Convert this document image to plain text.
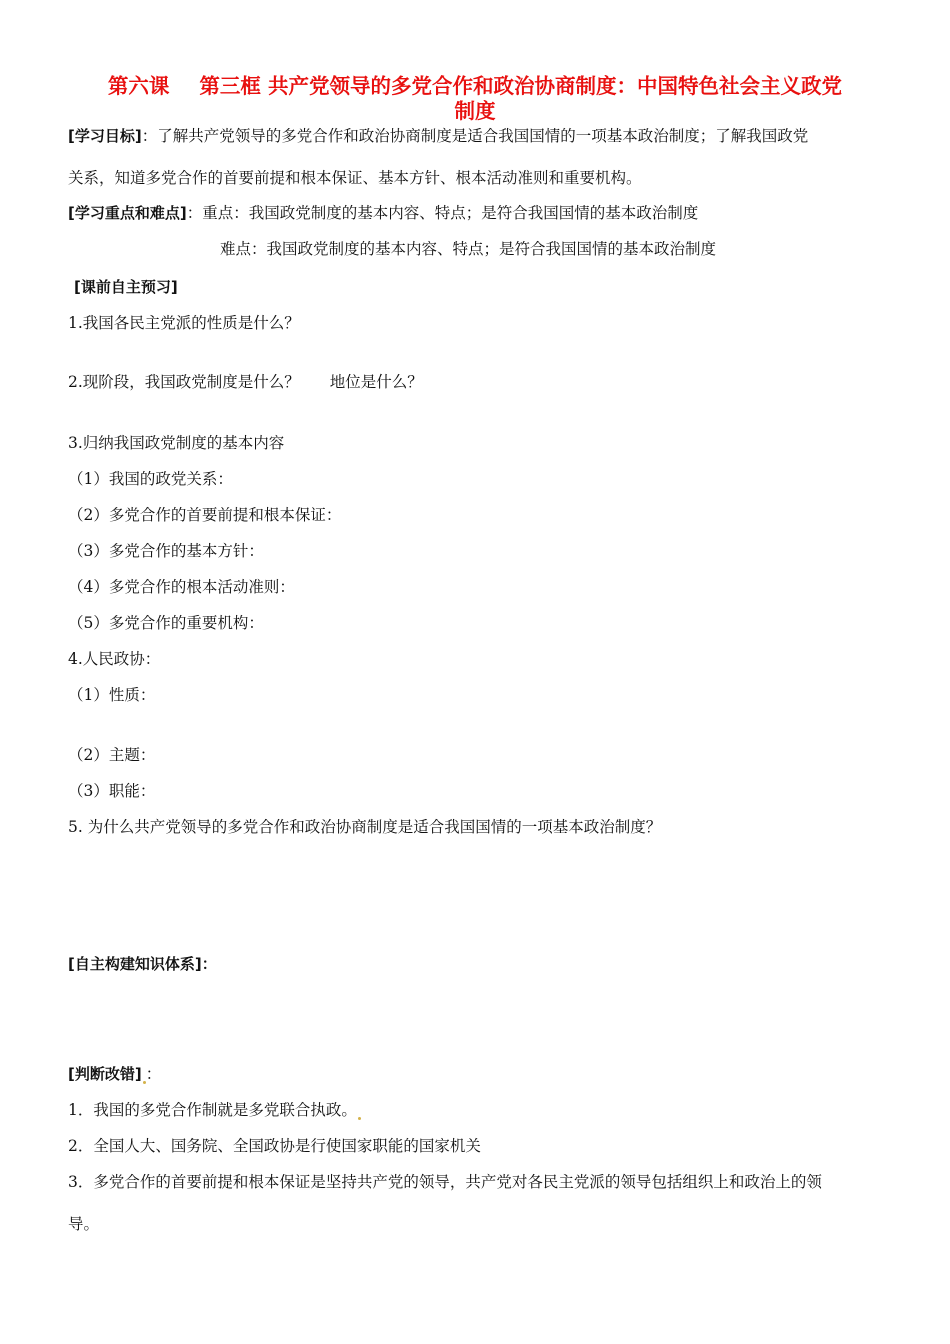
第六课 第三框 共产党领导的多党合作和政治协商制度：中国特色社会主义政党
制度
[学习目标]：了解共产党领导的多党合作和政治协商制度是适合我国国情的一项基本政治制度；了解我国政党
关系，知道多党合作的首要前提和根本保证、基本方针、根本活动准则和重要机构。
[学习重点和难点]：重点：我国政党制度的基本内容、特点；是符合我国国情的基本政治制度
难点：我国政党制度的基本内容、特点；是符合我国国情的基本政治制度
[课前自主预习]
1.我国各民主党派的性质是什么？
2.现阶段，我国政党制度是什么？ 地位是什么？
3.归纳我国政党制度的基本内容
（1）我国的政党关系：
（2）多党合作的首要前提和根本保证：
（3）多党合作的基本方针：
（4）多党合作的根本活动准则：
（5）多党合作的重要机构：
4.人民政协：
（1）性质：
（2）主题：
（3）职能：
5. 为什么共产党领导的多党合作和政治协商制度是适合我国国情的一项基本政治制度？
[自主构建知识体系]：
[判断改错] ：
1．我国的多党合作制就是多党联合执政。
2．全国人大、国务院、全国政协是行使国家职能的国家机关
3．多党合作的首要前提和根本保证是坚持共产党的领导，共产党对各民主党派的领导包括组织上和政治上的领
导。
